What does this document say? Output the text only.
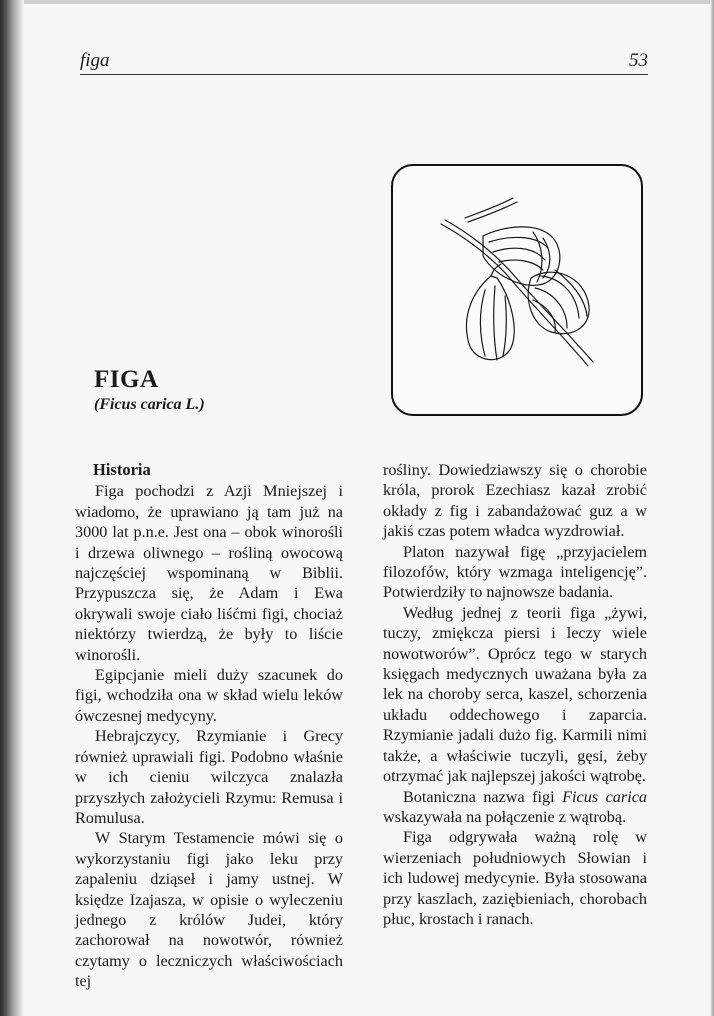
figa	53
FIGA
(Ficus carica L.)
Historia

Figa pochodzi z Azji Mniejszej i wiadomo, że uprawiano ją tam już na 3000 lat p.n.e. Jest ona – obok winorośli i drzewa oliwnego – rośliną owocową najczęściej wspominaną w Biblii. Przypuszcza się, że Adam i Ewa okrywali swoje ciało liśćmi figi, chociaż niektórzy twierdzą, że były to liście winorośli.

Egipcjanie mieli duży szacunek do figi, wchodziła ona w skład wielu leków ówczesnej medycyny.

Hebrajczycy, Rzymianie i Grecy również uprawiali figi. Podobno właśnie w ich cieniu wilczyca znalazła przyszłych założycieli Rzymu: Remusa i Romulusa.

W Starym Testamencie mówi się o wykorzystaniu figi jako leku przy zapaleniu dziąseł i jamy ustnej. W księdze Izajasza, w opisie o wyleczeniu jednego z królów Judei, który zachorował na nowotwór, również czytamy o leczniczych właściwościach tej

rośliny. Dowiedziawszy się o chorobie króla, prorok Ezechiasz kazał zrobić okłady z fig i zabandażować guz a w jakiś czas potem władca wyzdrowiał.

Platon nazywał figę „przyjacielem filozofów, który wzmaga inteligencję”. Potwierdziły to najnowsze badania.

Według jednej z teorii figa „żywi, tuczy, zmiękcza piersi i leczy wiele nowotworów”. Oprócz tego w starych księgach medycznych uważana była za lek na choroby serca, kaszel, schorzenia układu oddechowego i zaparcia. Rzymianie jadali dużo fig. Karmili nimi także, a właściwie tuczyli, gęsi, żeby otrzymać jak najlepszej jakości wątrobę.

Botaniczna nazwa figi Ficus carica wskazywała na połączenie z wątrobą.

Figa odgrywała ważną rolę w wierzeniach południowych Słowian i ich ludowej medycynie. Była stosowana przy kaszlach, zaziębieniach, chorobach płuc, krostach i ranach.
